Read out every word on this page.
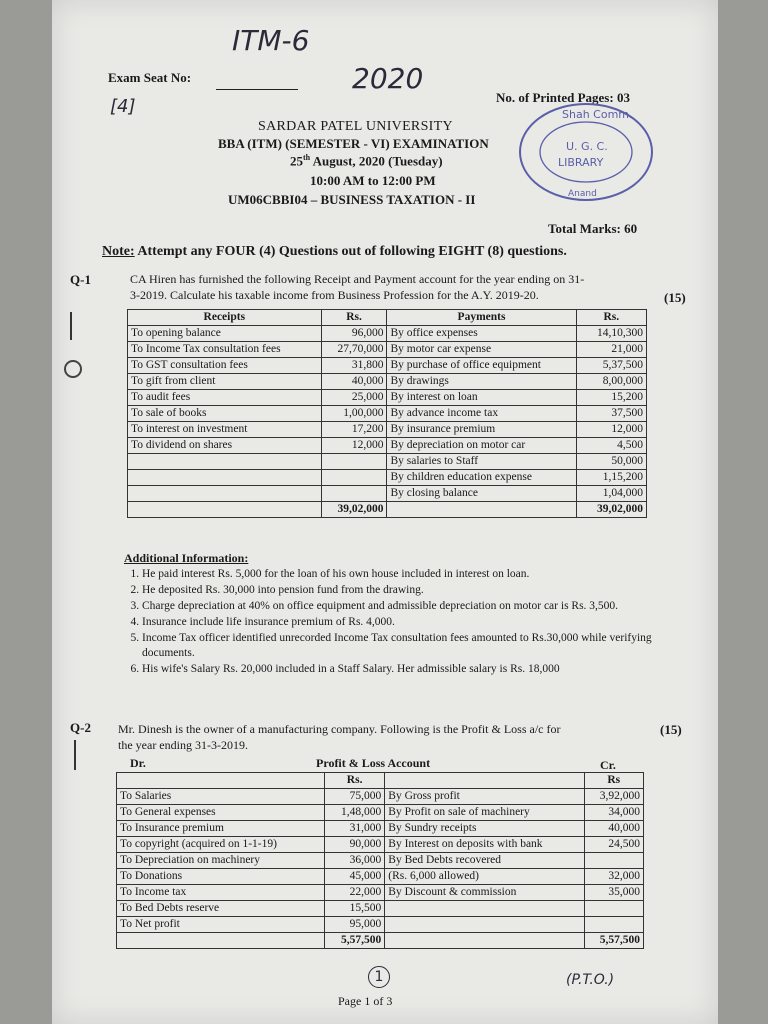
ITM-6
2020
[4]
Exam Seat No:
No. of Printed Pages: 03
SARDAR PATEL UNIVERSITY
BBA (ITM) (SEMESTER - VI) EXAMINATION
25th August, 2020 (Tuesday)
10:00 AM to 12:00 PM
UM06CBBI04 – BUSINESS TAXATION - II
Total Marks: 60
Shah Comm.
U. G. C.
LIBRARY
Anand
Note: Attempt any FOUR (4) Questions out of following EIGHT (8) questions.
Q-1
(15)
CA Hiren has furnished the following Receipt and Payment account for the year ending on 31-
3-2019. Calculate his taxable income from Business Profession for the A.Y. 2019-20.
Receipts	Rs.	Payments	Rs.
To opening balance	96,000	By office expenses	14,10,300
To Income Tax consultation fees	27,70,000	By motor car expense	21,000
To GST consultation fees	31,800	By purchase of office equipment	5,37,500
To gift from client	40,000	By drawings	8,00,000
To audit fees	25,000	By interest on loan	15,200
To sale of books	1,00,000	By advance income tax	37,500
To interest on investment	17,200	By insurance premium	12,000
To dividend on shares	12,000	By depreciation on motor car	4,500
		By salaries to Staff	50,000
		By children education expense	1,15,200
		By closing balance	1,04,000
	39,02,000		39,02,000
Additional Information:
1. He paid interest Rs. 5,000 for the loan of his own house included in interest on loan.
2. He deposited Rs. 30,000 into pension fund from the drawing.
3. Charge depreciation at 40% on office equipment and admissible depreciation on motor car is Rs. 3,500.
4. Insurance include life insurance premium of Rs. 4,000.
5. Income Tax officer identified unrecorded Income Tax consultation fees amounted to Rs.30,000 while verifying documents.
6. His wife's Salary Rs. 20,000 included in a Staff Salary. Her admissible salary is Rs. 18,000
Q-2	(15)
Mr. Dinesh is the owner of a manufacturing company. Following is the Profit & Loss a/c for
the year ending 31-3-2019.
Dr.	Profit & Loss Account	Cr.
	Rs.		Rs
To Salaries	75,000	By Gross profit	3,92,000
To General expenses	1,48,000	By Profit on sale of machinery	34,000
To Insurance premium	31,000	By Sundry receipts	40,000
To copyright (acquired on 1-1-19)	90,000	By Interest on deposits with bank	24,500
To Depreciation on machinery	36,000	By Bed Debts recovered	
To Donations	45,000	(Rs. 6,000 allowed)	32,000
To Income tax	22,000	By Discount & commission	35,000
To Bed Debts reserve	15,500		
To Net profit	95,000		
	5,57,500		5,57,500
1	(P.T.O.)
Page 1 of 3
